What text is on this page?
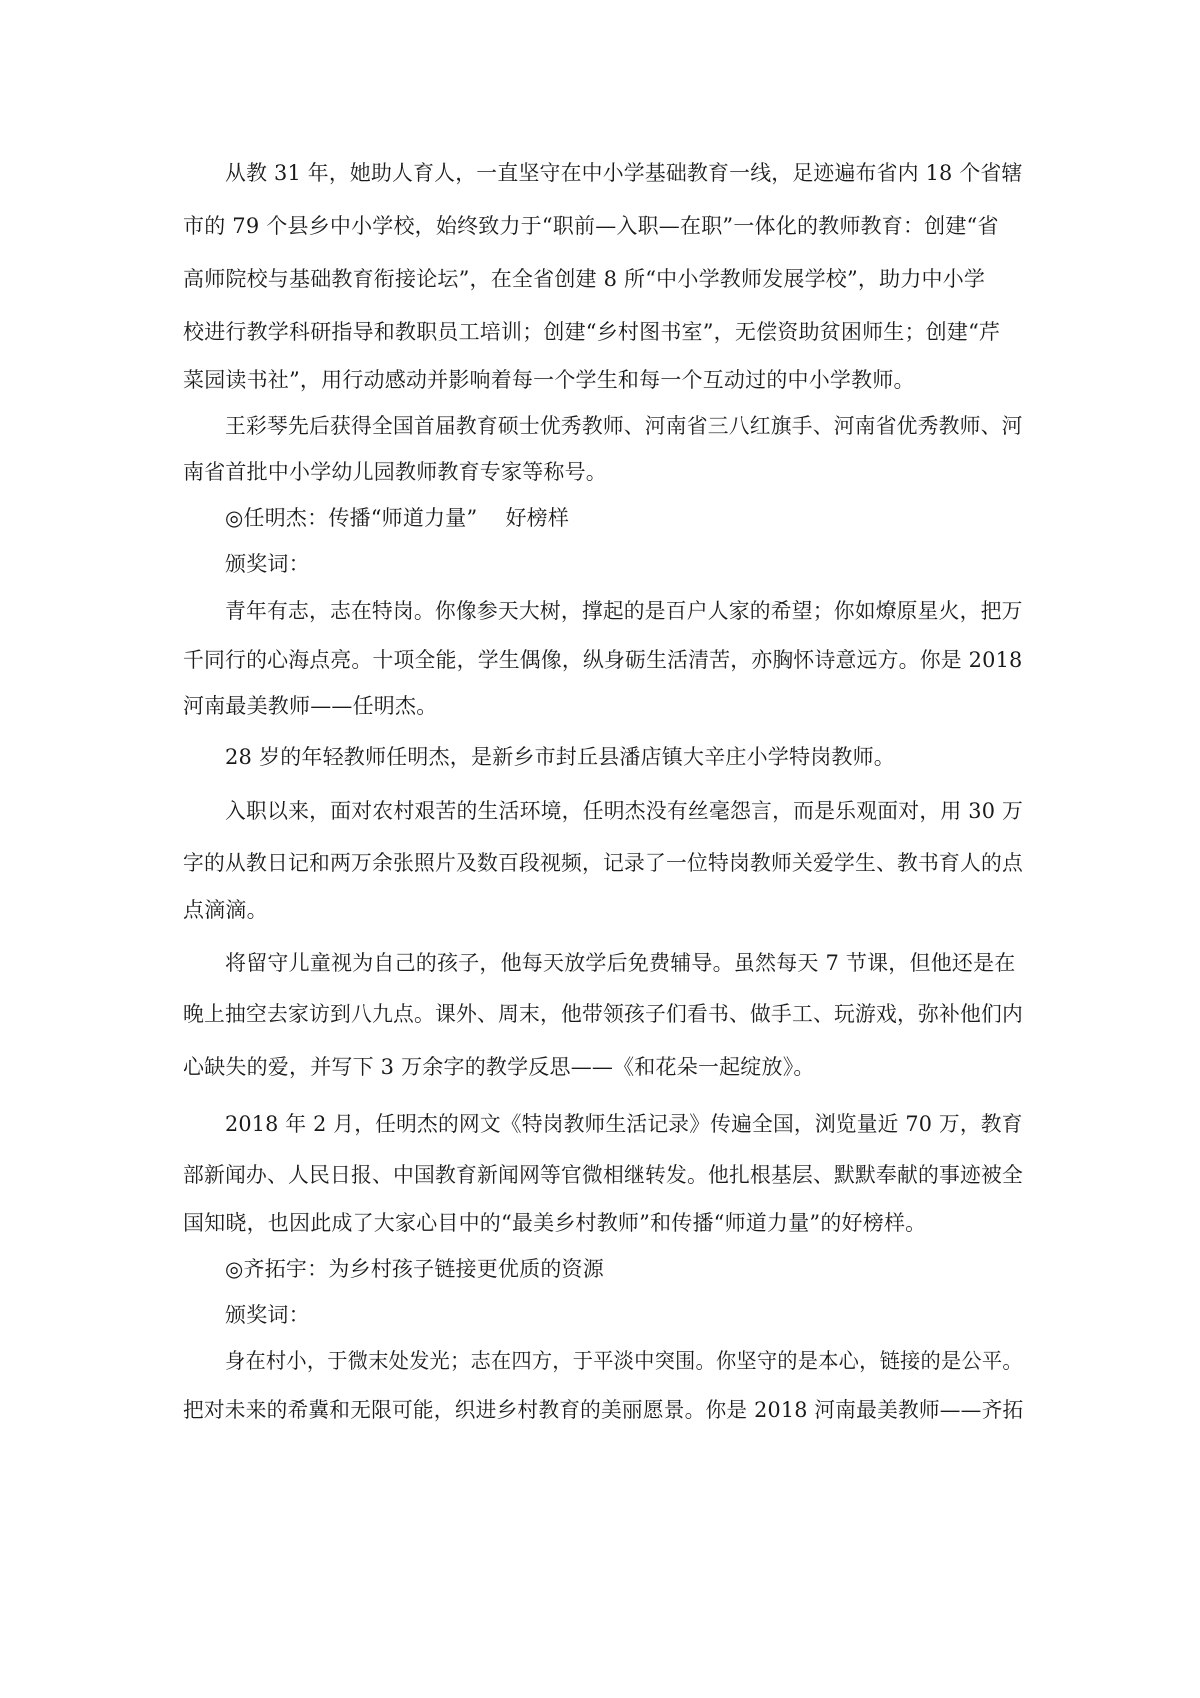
从教 31 年，她助人育人，一直坚守在中小学基础教育一线，足迹遍布省内 18 个省辖
市的 79 个县乡中小学校，始终致力于“职前—入职—在职”一体化的教师教育：创建“省
高师院校与基础教育衔接论坛”，在全省创建 8 所“中小学教师发展学校”，助力中小学
校进行教学科研指导和教职员工培训；创建“乡村图书室”，无偿资助贫困师生；创建“芹
菜园读书社”，用行动感动并影响着每一个学生和每一个互动过的中小学教师。
王彩琴先后获得全国首届教育硕士优秀教师、河南省三八红旗手、河南省优秀教师、河
南省首批中小学幼儿园教师教育专家等称号。
◎任明杰：传播“师道力量”　 好榜样
颁奖词：
青年有志，志在特岗。你像参天大树，撑起的是百户人家的希望；你如燎原星火，把万
千同行的心海点亮。十项全能，学生偶像，纵身砺生活清苦，亦胸怀诗意远方。你是 2018
河南最美教师——任明杰。
28 岁的年轻教师任明杰，是新乡市封丘县潘店镇大辛庄小学特岗教师。
入职以来，面对农村艰苦的生活环境，任明杰没有丝毫怨言，而是乐观面对，用 30 万
字的从教日记和两万余张照片及数百段视频，记录了一位特岗教师关爱学生、教书育人的点
点滴滴。
将留守儿童视为自己的孩子，他每天放学后免费辅导。虽然每天 7 节课，但他还是在
晚上抽空去家访到八九点。课外、周末，他带领孩子们看书、做手工、玩游戏，弥补他们内
心缺失的爱，并写下 3 万余字的教学反思——《和花朵一起绽放》。
2018 年 2 月，任明杰的网文《特岗教师生活记录》传遍全国，浏览量近 70 万，教育
部新闻办、人民日报、中国教育新闻网等官微相继转发。他扎根基层、默默奉献的事迹被全
国知晓，也因此成了大家心目中的“最美乡村教师”和传播“师道力量”的好榜样。
◎齐拓宇：为乡村孩子链接更优质的资源
颁奖词：
身在村小，于微末处发光；志在四方，于平淡中突围。你坚守的是本心，链接的是公平。
把对未来的希冀和无限可能，织进乡村教育的美丽愿景。你是 2018 河南最美教师——齐拓
